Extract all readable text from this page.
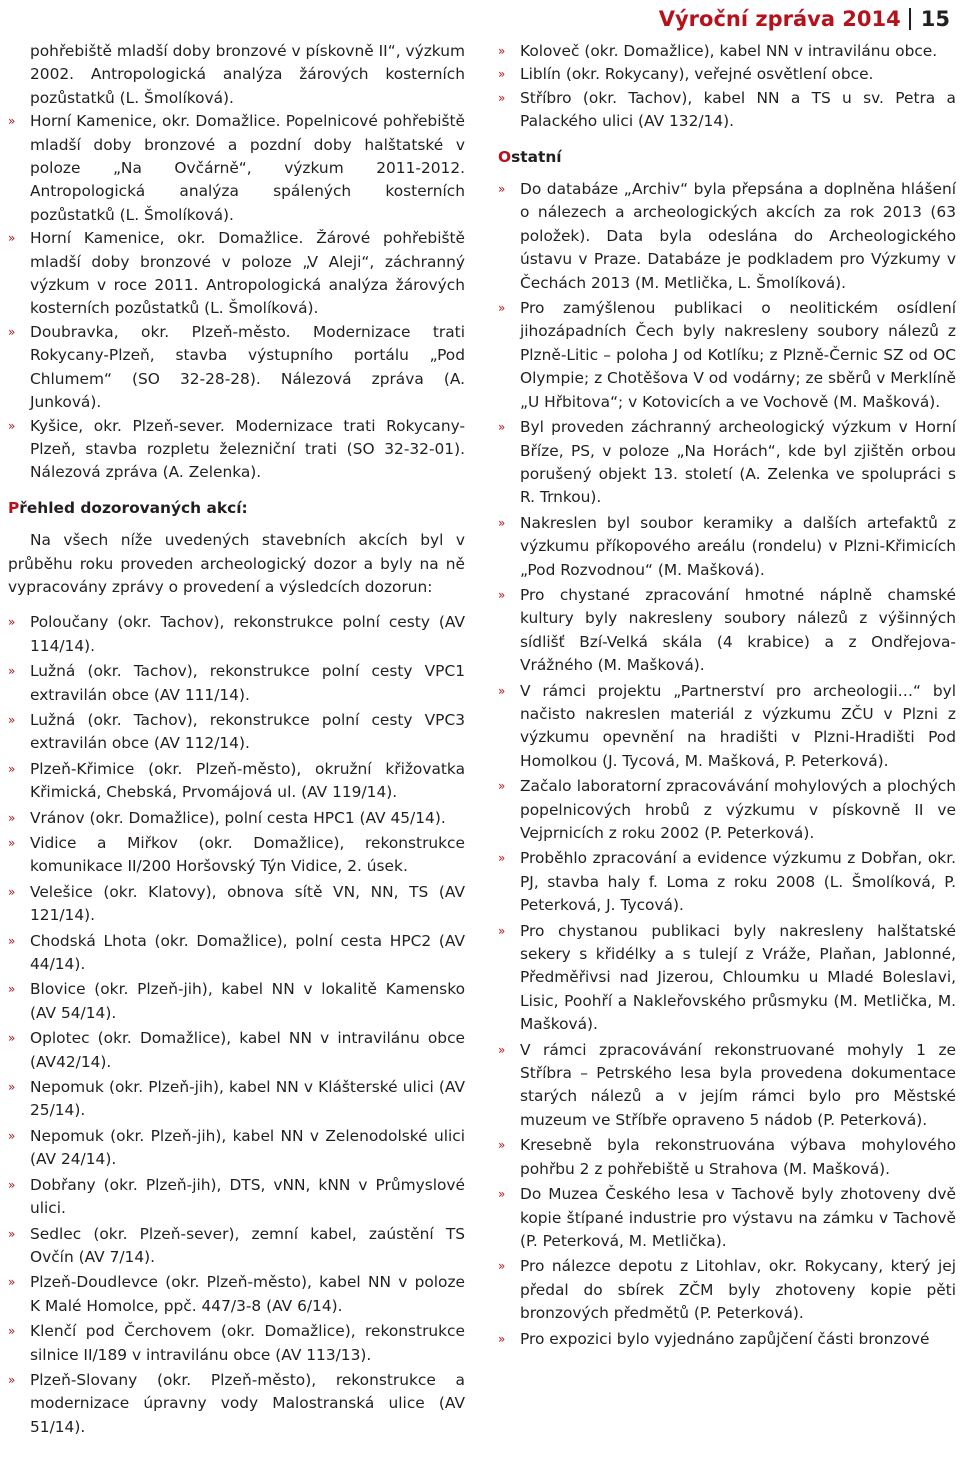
Výroční zpráva 2014 15
pohřebiště mladší doby bronzové v pískovně II“, výzkum 2002. Antropologická analýza žárových kosterních pozůstatků (L. Šmolíková).
» Horní Kamenice, okr. Domažlice. Popelnicové pohřebiště mladší doby bronzové a pozdní doby halštatské v poloze „Na Ovčárně“, výzkum 2011-2012. Antropologická analýza spálených kosterních pozůstatků (L. Šmolíková).
» Horní Kamenice, okr. Domažlice. Žárové pohřebiště mladší doby bronzové v poloze „V Aleji“, záchranný výzkum v roce 2011. Antropologická analýza žárových kosterních pozůstatků (L. Šmolíková).
» Doubravka, okr. Plzeň-město. Modernizace trati Rokycany-Plzeň, stavba výstupního portálu „Pod Chlumem“ (SO 32-28-28). Nálezová zpráva (A. Junková).
» Kyšice, okr. Plzeň-sever. Modernizace trati Rokycany-Plzeň, stavba rozpletu železniční trati (SO 32-32-01). Nálezová zpráva (A. Zelenka).
Přehled dozorovaných akcí:
Na všech níže uvedených stavebních akcích byl v průběhu roku proveden archeologický dozor a byly na ně vypracovány zprávy o provedení a výsledcích dozorun:
» Poloučany (okr. Tachov), rekonstrukce polní cesty (AV 114/14).
» Lužná (okr. Tachov), rekonstrukce polní cesty VPC1 extravilán obce (AV 111/14).
» Lužná (okr. Tachov), rekonstrukce polní cesty VPC3 extravilán obce (AV 112/14).
» Plzeň-Křimice (okr. Plzeň-město), okružní křižovatka Křimická, Chebská, Prvomájová ul. (AV 119/14).
» Vránov (okr. Domažlice), polní cesta HPC1 (AV 45/14).
» Vidice a Miřkov (okr. Domažlice), rekonstrukce komunikace II/200 Horšovský Týn Vidice, 2. úsek.
» Velešice (okr. Klatovy), obnova sítě VN, NN, TS (AV 121/14).
» Chodská Lhota (okr. Domažlice), polní cesta HPC2 (AV 44/14).
» Blovice (okr. Plzeň-jih), kabel NN v lokalitě Kamensko (AV 54/14).
» Oplotec (okr. Domažlice), kabel NN v intravilánu obce (AV42/14).
» Nepomuk (okr. Plzeň-jih), kabel NN v Klášterské ulici (AV 25/14).
» Nepomuk (okr. Plzeň-jih), kabel NN v Zelenodolské ulici (AV 24/14).
» Dobřany (okr. Plzeň-jih), DTS, vNN, kNN v Průmyslové ulici.
» Sedlec (okr. Plzeň-sever), zemní kabel, zaústění TS Ovčín (AV 7/14).
» Plzeň-Doudlevce (okr. Plzeň-město), kabel NN v poloze K Malé Homolce, ppč. 447/3-8 (AV 6/14).
» Klenčí pod Čerchovem (okr. Domažlice), rekonstrukce silnice II/189 v intravilánu obce (AV 113/13).
» Plzeň-Slovany (okr. Plzeň-město), rekonstrukce a modernizace úpravny vody Malostranská ulice (AV 51/14).
» Koloveč (okr. Domažlice), kabel NN v intravilánu obce.
» Liblín (okr. Rokycany), veřejné osvětlení obce.
» Stříbro (okr. Tachov), kabel NN a TS u sv. Petra a Palackého ulici (AV 132/14).
Ostatní
» Do databáze „Archiv“ byla přepsána a doplněna hlášení o nálezech a archeologických akcích za rok 2013 (63 položek). Data byla odeslána do Archeologického ústavu v Praze. Databáze je podkladem pro Výzkumy v Čechách 2013 (M. Metlička, L. Šmolíková).
» Pro zamýšlenou publikaci o neolitickém osídlení jihozápadních Čech byly nakresleny soubory nálezů z Plzně-Litic – poloha J od Kotlíku; z Plzně-Černic SZ od OC Olympie; z Chotěšova V od vodárny; ze sběrů v Merklíně „U Hřbitova“; v Kotovicích a ve Vochově (M. Mašková).
» Byl proveden záchranný archeologický výzkum v Horní Bříze, PS, v poloze „Na Horách“, kde byl zjištěn orbou porušený objekt 13. století (A. Zelenka ve spolupráci s R. Trnkou).
» Nakreslen byl soubor keramiky a dalších artefaktů z výzkumu příkopového areálu (rondelu) v Plzni-Křimicích „Pod Rozvodnou“ (M. Mašková).
» Pro chystané zpracování hmotné náplně chamské kultury byly nakresleny soubory nálezů z výšinných sídlišť Bzí-Velká skála (4 krabice) a z Ondřejova-Vrážného (M. Mašková).
» V rámci projektu „Partnerství pro archeologii…“ byl načisto nakreslen materiál z výzkumu ZČU v Plzni z výzkumu opevnění na hradišti v Plzni-Hradišti Pod Homolkou (J. Tycová, M. Mašková, P. Peterková).
» Začalo laboratorní zpracovávání mohylových a plochých popelnicových hrobů z výzkumu v pískovně II ve Vejprnicích z roku 2002 (P. Peterková).
» Proběhlo zpracování a evidence výzkumu z Dobřan, okr. PJ, stavba haly f. Loma z roku 2008 (L. Šmolíková, P. Peterková, J. Tycová).
» Pro chystanou publikaci byly nakresleny halštatské sekery s křidélky a s tulejí z Vráže, Plaňan, Jablonné, Předměřivsi nad Jizerou, Chloumku u Mladé Boleslavi, Lisic, Poohří a Nakleřovského průsmyku (M. Metlička, M. Mašková).
» V rámci zpracovávání rekonstruované mohyly 1 ze Stříbra – Petrského lesa byla provedena dokumentace starých nálezů a v jejím rámci bylo pro Městské muzeum ve Stříbře opraveno 5 nádob (P. Peterková).
» Kresebně byla rekonstruována výbava mohylového pohřbu 2 z pohřebiště u Strahova (M. Mašková).
» Do Muzea Českého lesa v Tachově byly zhotoveny dvě kopie štípané industrie pro výstavu na zámku v Tachově (P. Peterková, M. Metlička).
» Pro nálezce depotu z Litohlav, okr. Rokycany, který jej předal do sbírek ZČM byly zhotoveny kopie pěti bronzových předmětů (P. Peterková).
» Pro expozici bylo vyjednáno zapůjčení části bronzové
